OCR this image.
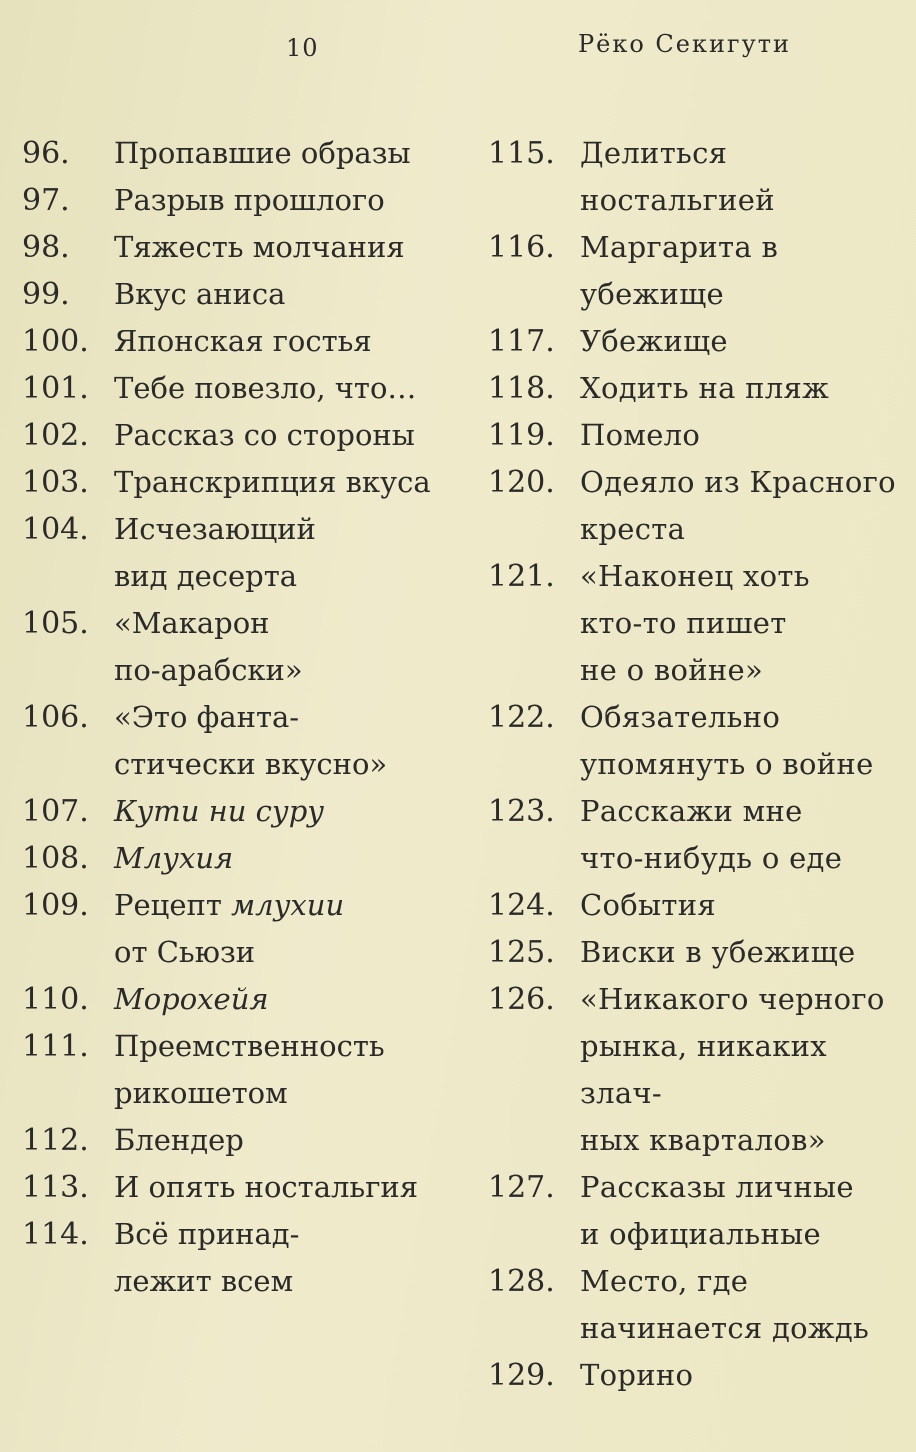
10	Рёко Секигути
96.	Пропавшие образы
97.	Разрыв прошлого
98.	Тяжесть молчания
99.	Вкус аниса
100. Японская гостья
101. Тебе повезло, что…
102. Рассказ со стороны
103. Транскрипция вкуса
104. Исчезающий
вид десерта
105. «Макарон
по-арабски»
106. «Это фанта-
стически вкусно»
107. Кути ни суру
108. Млухия
109. Рецепт млухии
от Сьюзи
110. Морохейя
111. Преемственность
рикошетом
112. Блендер
113. И опять ностальгия
114. Всё принад-
лежит всем
115. Делиться
ностальгией
116. Маргарита в убежище
117. Убежище
118. Ходить на пляж
119. Помело
120. Одеяло из Красного
креста
121. «Наконец хоть
кто-то пишет
не о войне»
122. Обязательно
упомянуть о войне
123. Расскажи мне
что-нибудь о еде
124. События
125. Виски в убежище
126. «Никакого черного
рынка, никаких злач-
ных кварталов»
127. Рассказы личные
и официальные
128. Место, где
начинается дождь
129. Торино
